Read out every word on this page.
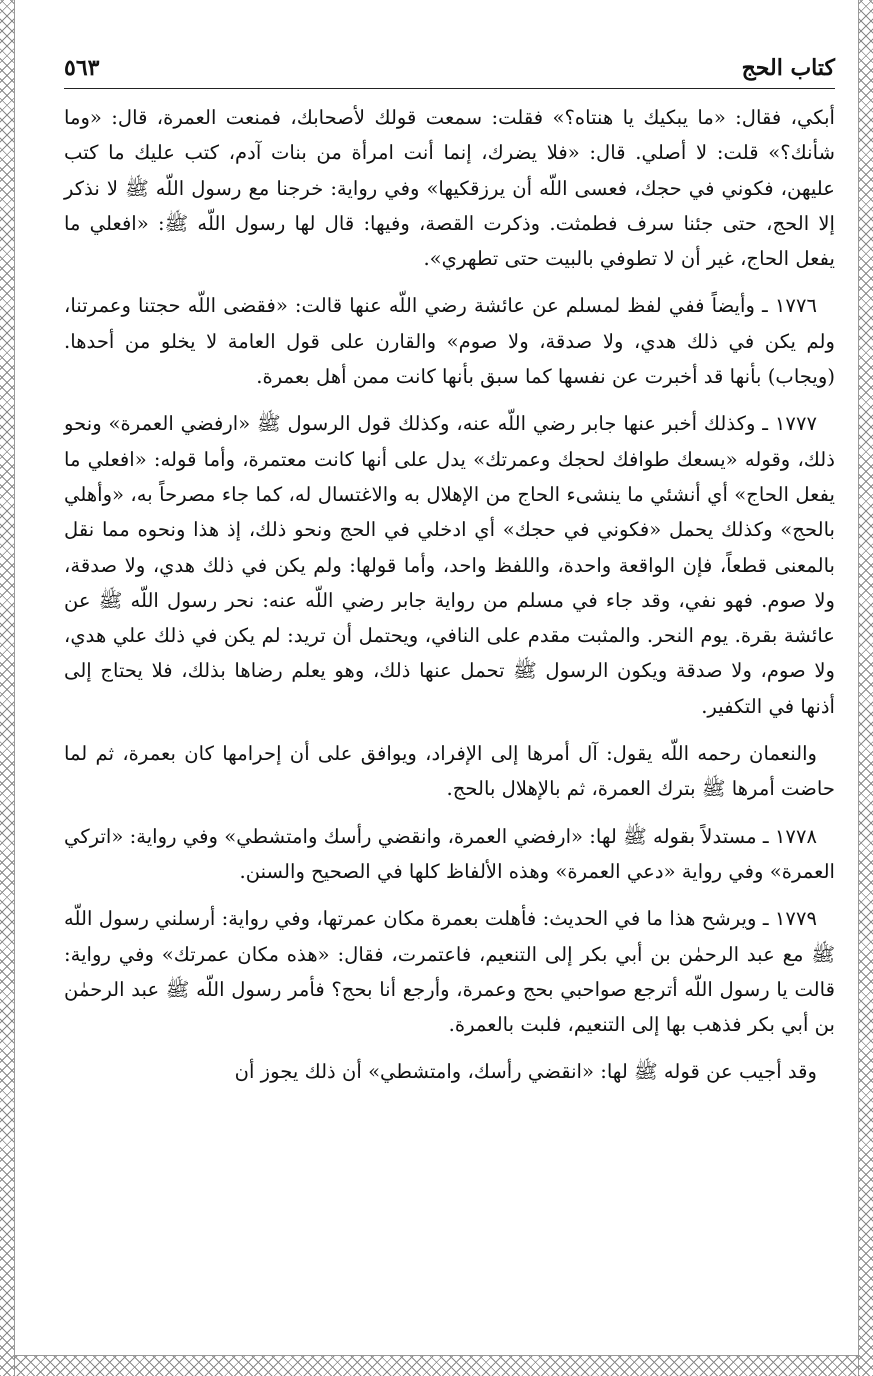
كتاب الحج
٥٦٣

أبكي، فقال: «ما يبكيك يا هنتاه؟» فقلت: سمعت قولك لأصحابك، فمنعت العمرة، قال: «وما شأنك؟» قلت: لا أصلي. قال: «فلا يضرك، إنما أنت امرأة من بنات آدم، كتب عليك ما كتب عليهن، فكوني في حجك، فعسى اللّه أن يرزقكيها» وفي رواية: خرجنا مع رسول اللّه ﷺ لا نذكر إلا الحج، حتى جئنا سرف فطمثت. وذكرت القصة، وفيها: قال لها رسول اللّه ﷺ: «افعلي ما يفعل الحاج، غير أن لا تطوفي بالبيت حتى تطهري».

١٧٧٦ ـ وأيضاً ففي لفظ لمسلم عن عائشة رضي اللّه عنها قالت: «فقضى اللّه حجتنا وعمرتنا، ولم يكن في ذلك هدي، ولا صدقة، ولا صوم» والقارن على قول العامة لا يخلو من أحدها. (ويجاب) بأنها قد أخبرت عن نفسها كما سبق بأنها كانت ممن أهل بعمرة.

١٧٧٧ ـ وكذلك أخبر عنها جابر رضي اللّه عنه، وكذلك قول الرسول ﷺ «ارفضي العمرة» ونحو ذلك، وقوله «يسعك طوافك لحجك وعمرتك» يدل على أنها كانت معتمرة، وأما قوله: «افعلي ما يفعل الحاج» أي أنشئي ما ينشىء الحاج من الإهلال به والاغتسال له، كما جاء مصرحاً به، «وأهلي بالحج» وكذلك يحمل «فكوني في حجك» أي ادخلي في الحج ونحو ذلك، إذ هذا ونحوه مما نقل بالمعنى قطعاً، فإن الواقعة واحدة، واللفظ واحد، وأما قولها: ولم يكن في ذلك هدي، ولا صدقة، ولا صوم. فهو نفي، وقد جاء في مسلم من رواية جابر رضي اللّه عنه: نحر رسول اللّه ﷺ عن عائشة بقرة. يوم النحر. والمثبت مقدم على النافي، ويحتمل أن تريد: لم يكن في ذلك علي هدي، ولا صوم، ولا صدقة ويكون الرسول ﷺ تحمل عنها ذلك، وهو يعلم رضاها بذلك، فلا يحتاج إلى أذنها في التكفير.

والنعمان رحمه اللّه يقول: آل أمرها إلى الإفراد، ويوافق على أن إحرامها كان بعمرة، ثم لما حاضت أمرها ﷺ بترك العمرة، ثم بالإهلال بالحج.

١٧٧٨ ـ مستدلاً بقوله ﷺ لها: «ارفضي العمرة، وانقضي رأسك وامتشطي» وفي رواية: «اتركي العمرة» وفي رواية «دعي العمرة» وهذه الألفاظ كلها في الصحيح والسنن.

١٧٧٩ ـ ويرشح هذا ما في الحديث: فأهلت بعمرة مكان عمرتها، وفي رواية: أرسلني رسول اللّه ﷺ مع عبد الرحمٰن بن أبي بكر إلى التنعيم، فاعتمرت، فقال: «هذه مكان عمرتك» وفي رواية: قالت يا رسول اللّه أترجع صواحبي بحج وعمرة، وأرجع أنا بحج؟ فأمر رسول اللّه ﷺ عبد الرحمٰن بن أبي بكر فذهب بها إلى التنعيم، فلبت بالعمرة.

وقد أجيب عن قوله ﷺ لها: «انقضي رأسك، وامتشطي» أن ذلك يجوز أن
